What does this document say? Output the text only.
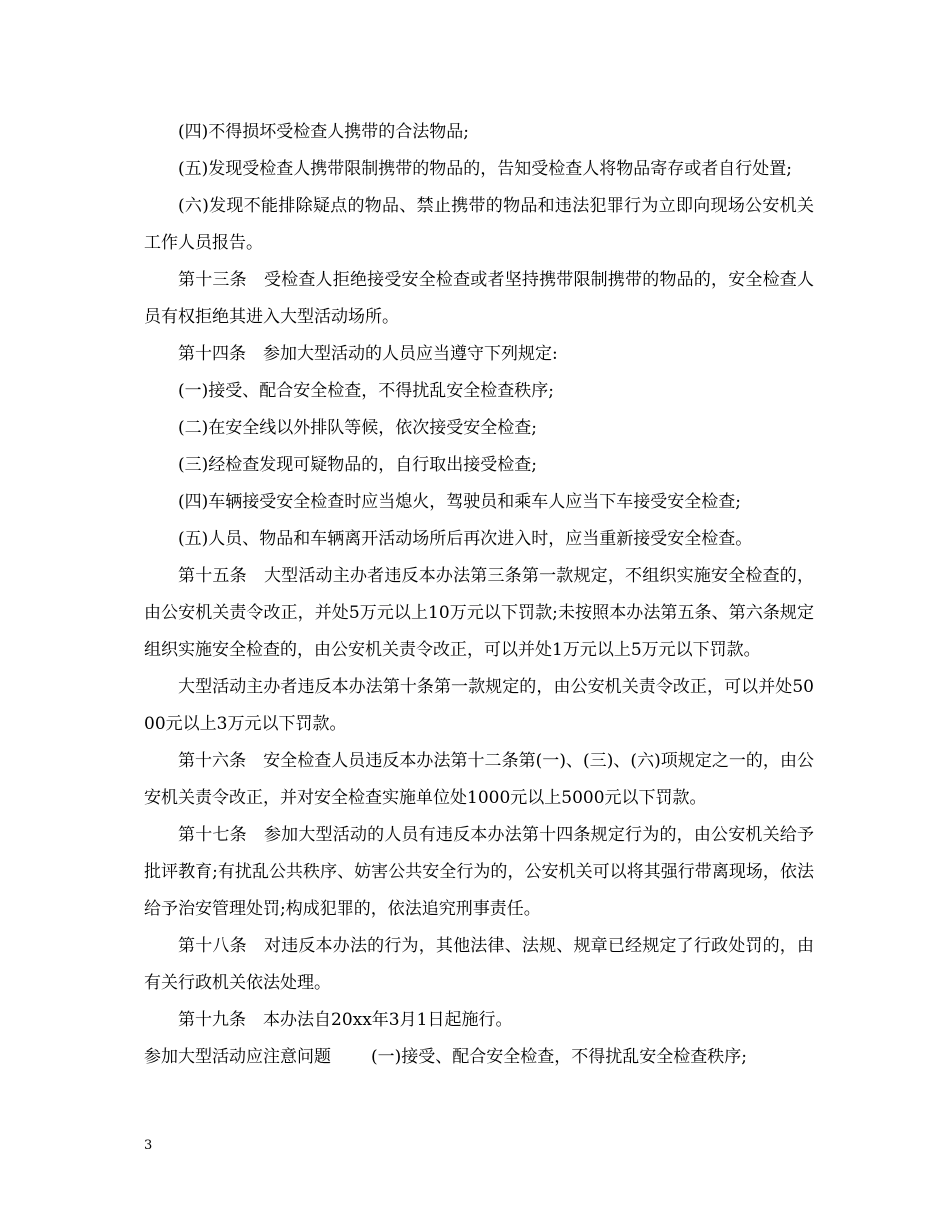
(四)不得损坏受检查人携带的合法物品;

(五)发现受检查人携带限制携带的物品的，告知受检查人将物品寄存或者自行处置;

(六)发现不能排除疑点的物品、禁止携带的物品和违法犯罪行为立即向现场公安机关工作人员报告。

第十三条　受检查人拒绝接受安全检查或者坚持携带限制携带的物品的，安全检查人员有权拒绝其进入大型活动场所。

第十四条　参加大型活动的人员应当遵守下列规定:

(一)接受、配合安全检查，不得扰乱安全检查秩序;

(二)在安全线以外排队等候，依次接受安全检查;

(三)经检查发现可疑物品的，自行取出接受检查;

(四)车辆接受安全检查时应当熄火，驾驶员和乘车人应当下车接受安全检查;

(五)人员、物品和车辆离开活动场所后再次进入时，应当重新接受安全检查。

第十五条　大型活动主办者违反本办法第三条第一款规定，不组织实施安全检查的，由公安机关责令改正，并处5万元以上10万元以下罚款;未按照本办法第五条、第六条规定组织实施安全检查的，由公安机关责令改正，可以并处1万元以上5万元以下罚款。

大型活动主办者违反本办法第十条第一款规定的，由公安机关责令改正，可以并处5000元以上3万元以下罚款。

第十六条　安全检查人员违反本办法第十二条第(一)、(三)、(六)项规定之一的，由公安机关责令改正，并对安全检查实施单位处1000元以上5000元以下罚款。

第十七条　参加大型活动的人员有违反本办法第十四条规定行为的，由公安机关给予批评教育;有扰乱公共秩序、妨害公共安全行为的，公安机关可以将其强行带离现场，依法给予治安管理处罚;构成犯罪的，依法追究刑事责任。

第十八条　对违反本办法的行为，其他法律、法规、规章已经规定了行政处罚的，由有关行政机关依法处理。

第十九条　本办法自20xx年3月1日起施行。

参加大型活动应注意问题 (一)接受、配合安全检查，不得扰乱安全检查秩序;

3
